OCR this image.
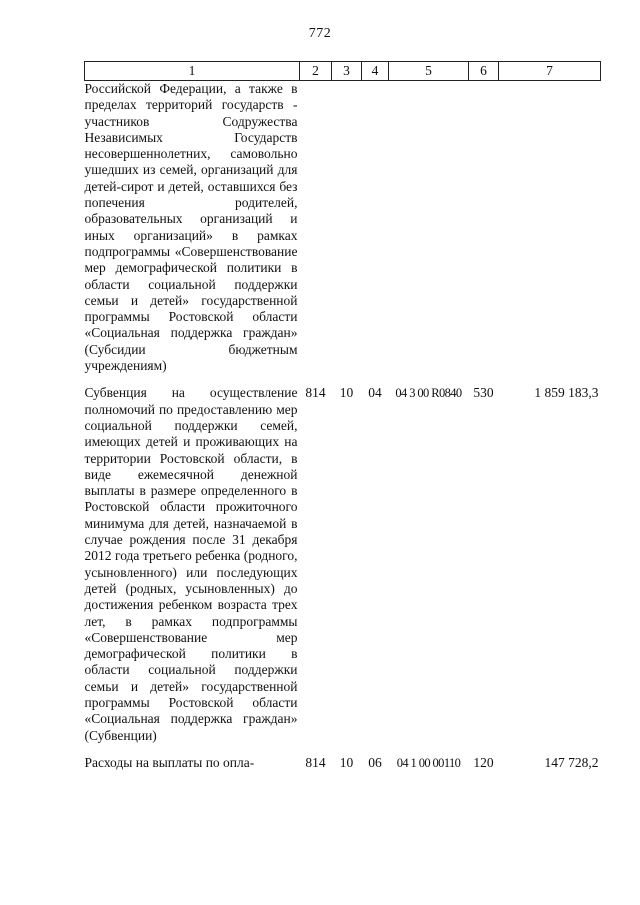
772
1	2	3	4	5	6	7
Российской Федерации, а также в пределах территорий государств - участников Содружества Независимых Государств несовершеннолетних, самовольно ушедших из семей, организаций для детей-сирот и детей, оставшихся без попечения родителей, образовательных организаций и иных организаций» в рамках подпрограммы «Совершенствование мер демографической политики в области социальной поддержки семьи и детей» государственной программы Ростовской области «Социальная поддержка граждан» (Субсидии бюджетным учреждениям)						

Субвенция на осуществление полномочий по предоставлению мер социальной поддержки семей, имеющих детей и проживающих на территории Ростовской области, в виде ежемесячной денежной выплаты в размере определенного в Ростовской области прожиточного минимума для детей, назначаемой в случае рождения после 31 декабря 2012 года третьего ребенка (родного, усыновленного) или последующих детей (родных, усыновленных) до достижения ребенком возраста трех лет, в рамках подпрограммы «Совершенствование мер демографической политики в области социальной поддержки семьи и детей» государственной программы Ростовской области «Социальная поддержка граждан» (Субвенции)	814	10	04	04 3 00 R0840	530	1 859 183,3

Расходы на выплаты по опла-	814	10	06	04 1 00 00110	120	147 728,2
